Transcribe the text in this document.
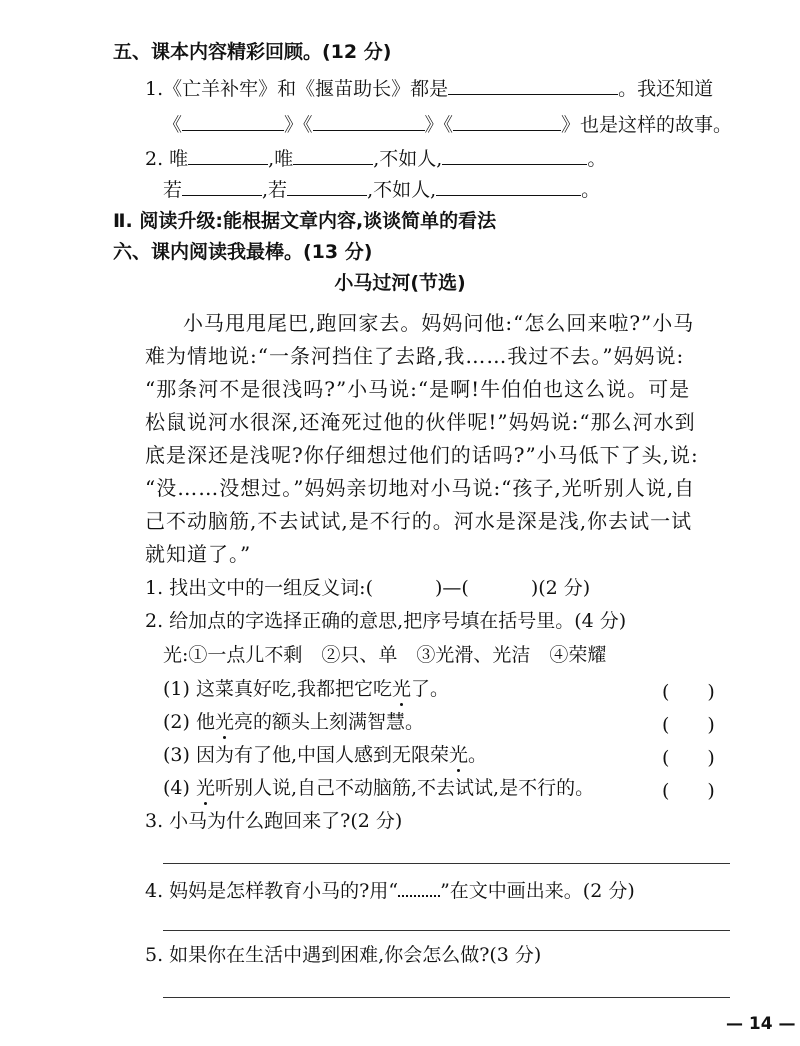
五、课本内容精彩回顾。(12 分)
1.《亡羊补牢》和《揠苗助长》都是	。我还知道
《	》《	》《	》也是这样的故事。
2. 唯	,唯	,不如人,	。
若	,若	,不如人,	。
Ⅱ. 阅读升级:能根据文章内容,谈谈简单的看法
六、课内阅读我最棒。(13 分)
小马过河(节选)
小马甩甩尾巴,跑回家去。妈妈问他:“怎么回来啦?”小马
难为情地说:“一条河挡住了去路,我……我过不去。”妈妈说:
“那条河不是很浅吗?”小马说:“是啊!牛伯伯也这么说。可是
松鼠说河水很深,还淹死过他的伙伴呢!”妈妈说:“那么河水到
底是深还是浅呢?你仔细想过他们的话吗?”小马低下了头,说:
“没……没想过。”妈妈亲切地对小马说:“孩子,光听别人说,自
己不动脑筋,不去试试,是不行的。河水是深是浅,你去试一试
就知道了。”
1. 找出文中的一组反义词:(	)—(	)(2 分)
2. 给加点的字选择正确的意思,把序号填在括号里。(4 分)
光:①一点儿不剩　②只、单　③光滑、光洁　④荣耀
(1) 这菜真好吃,我都把它吃光了。	(　　)
(2) 他光亮的额头上刻满智慧。	(　　)
(3) 因为有了他,中国人感到无限荣光。	(　　)
(4) 光听别人说,自己不动脑筋,不去试试,是不行的。	(　　)
3. 小马为什么跑回来了?(2 分)
4. 妈妈是怎样教育小马的?用“ ”在文中画出来。(2 分)
5. 如果你在生活中遇到困难,你会怎么做?(3 分)
— 14 —
